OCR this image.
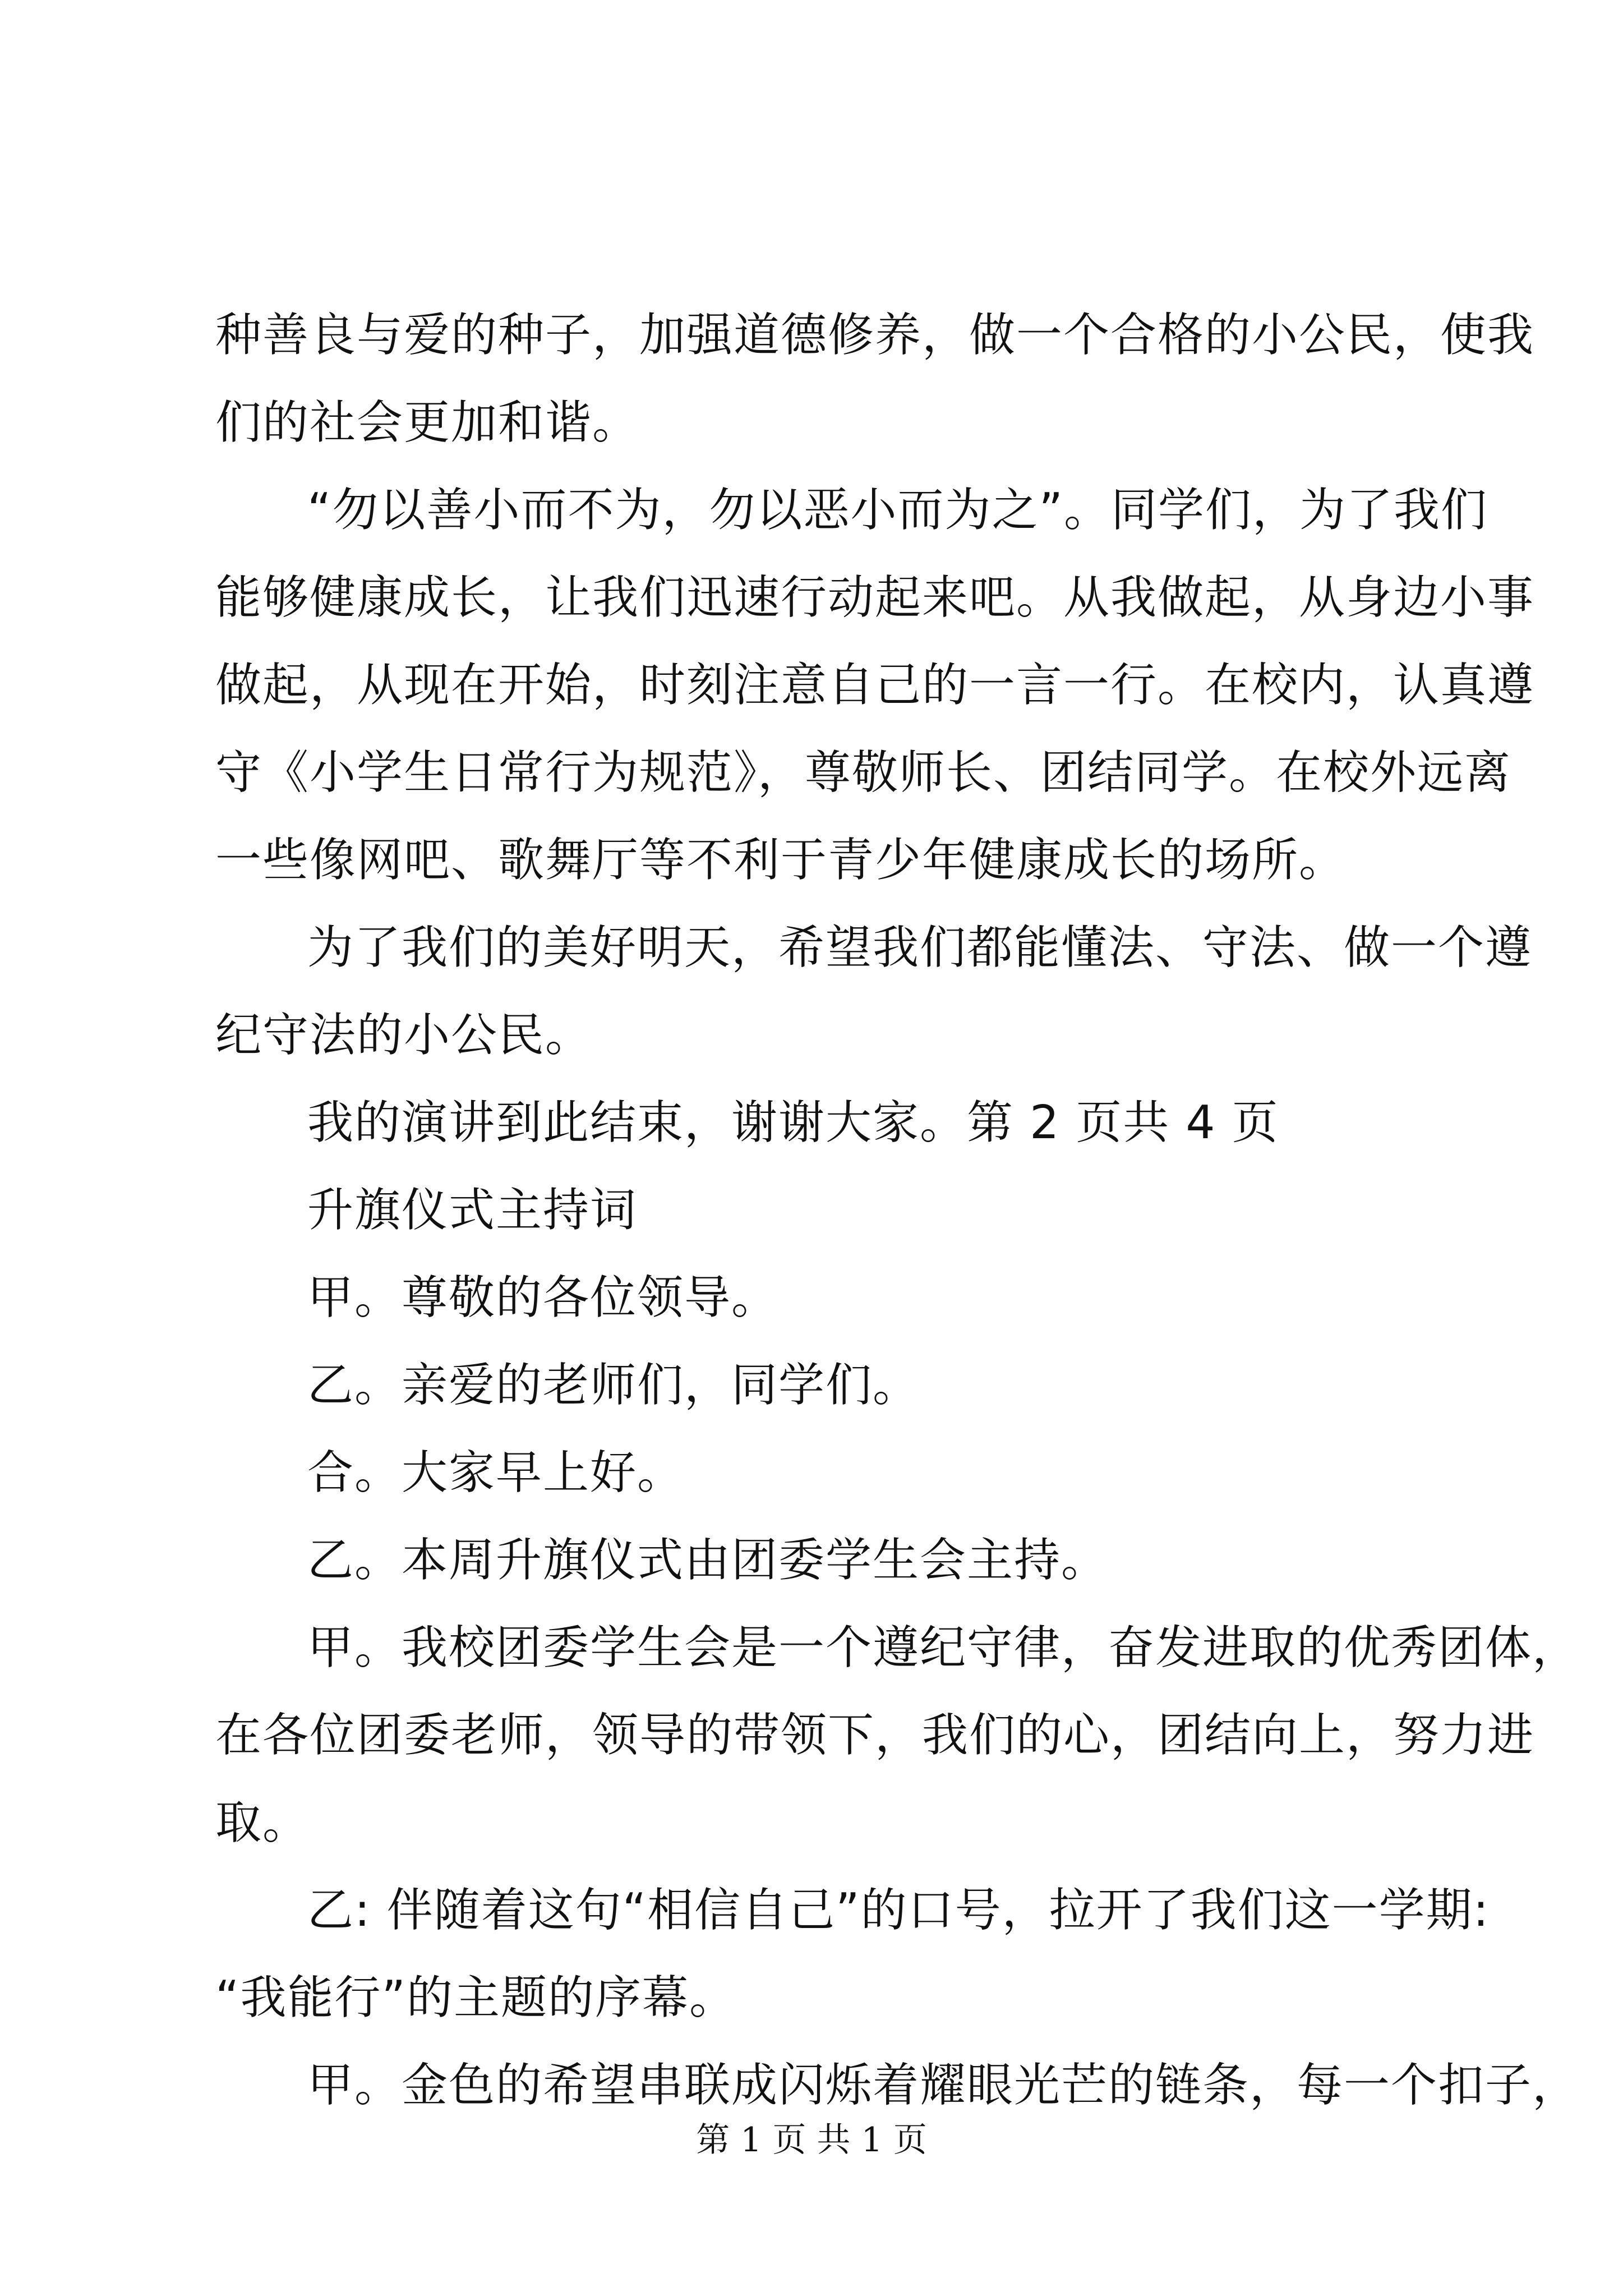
种善良与爱的种子，加强道德修养，做一个合格的小公民，使我
们的社会更加和谐。
“勿以善小而不为，勿以恶小而为之”。同学们，为了我们
能够健康成长，让我们迅速行动起来吧。从我做起，从身边小事
做起，从现在开始，时刻注意自己的一言一行。在校内，认真遵
守《小学生日常行为规范》，尊敬师长、团结同学。在校外远离
一些像网吧、歌舞厅等不利于青少年健康成长的场所。
为了我们的美好明天，希望我们都能懂法、守法、做一个遵
纪守法的小公民。
我的演讲到此结束，谢谢大家。第 2 页共 4 页
升旗仪式主持词
甲。尊敬的各位领导。
乙。亲爱的老师们，同学们。
合。大家早上好。
乙。本周升旗仪式由团委学生会主持。
甲。我校团委学生会是一个遵纪守律，奋发进取的优秀团体，
在各位团委老师，领导的带领下，我们的心，团结向上，努力进
取。
乙: 伴随着这句“相信自己”的口号，拉开了我们这一学期:
“我能行”的主题的序幕。
甲。金色的希望串联成闪烁着耀眼光芒的链条，每一个扣子，
第 1 页 共 1 页
